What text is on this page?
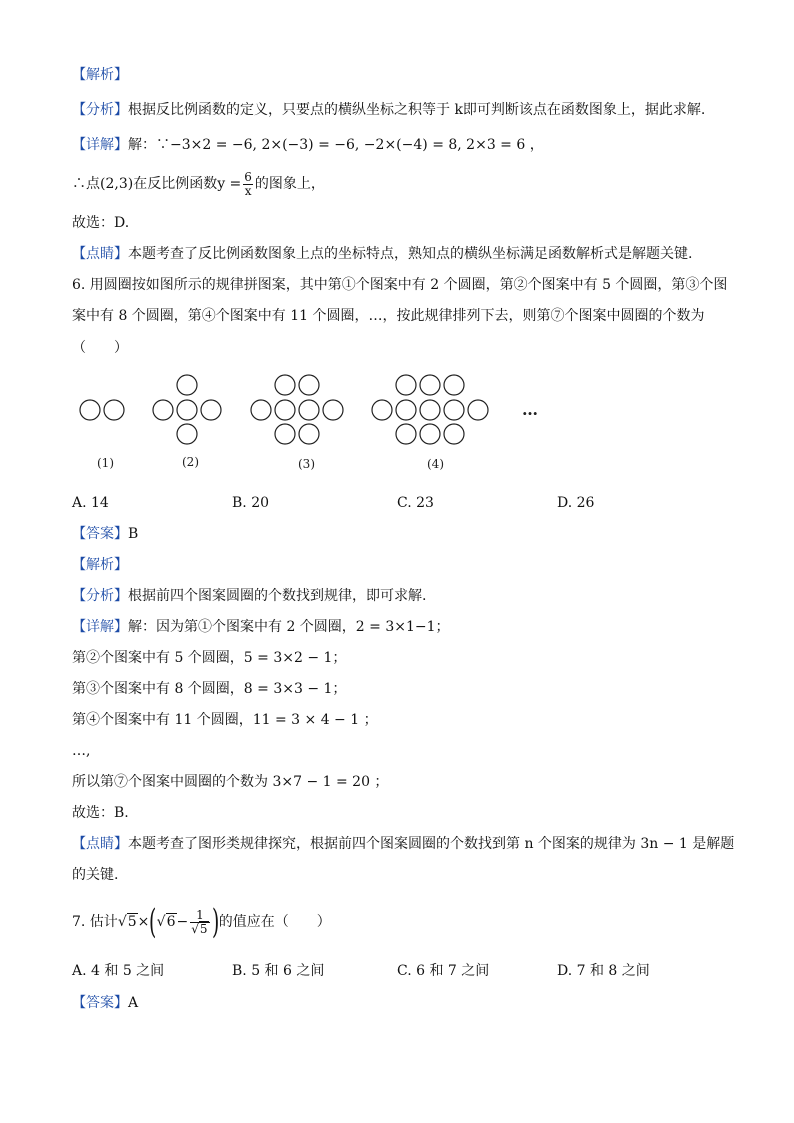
【解析】
【分析】根据反比例函数的定义，只要点的横纵坐标之积等于 k即可判断该点在函数图象上，据此求解.
【详解】解：∵−3×2 = −6, 2×(−3) = −6, −2×(−4) = 8, 2×3 = 6 ，
∴点(2,3)在反比例函数$y = \frac{6}{x}$ 的图象上，
故选：D.
【点睛】本题考查了反比例函数图象上点的坐标特点，熟知点的横纵坐标满足函数解析式是解题关键.
6. 用圆圈按如图所示的规律拼图案，其中第①个图案中有 2 个圆圈，第②个图案中有 5 个圆圈，第③个图
案中有 8 个圆圈，第④个图案中有 11 个圆圈，…，按此规律排列下去，则第⑦个图案中圆圈的个数为
（　　）
…
(1)	(2)	(3)	(4)
A. 14	B. 20	C. 23	D. 26
【答案】B
【解析】
【分析】根据前四个图案圆圈的个数找到规律，即可求解.
【详解】解：因为第①个图案中有 2 个圆圈，2 = 3×1−1；
第②个图案中有 5 个圆圈，5 = 3×2 − 1；
第③个图案中有 8 个圆圈，8 = 3×3 − 1；
第④个图案中有 11 个圆圈，11 = 3 × 4 − 1 ；
…,
所以第⑦个图案中圆圈的个数为 3×7 − 1 = 20 ；
故选：B.
【点睛】本题考查了图形类规律探究，根据前四个图案圆圈的个数找到第 n 个图案的规律为 3n − 1 是解题
的关键.
7. 估计$√5\times(√6- \frac{1}{√5}$ )的值应在（　　）
A. 4 和 5 之间	B. 5 和 6 之间	C. 6 和 7 之间	D. 7 和 8 之间
【答案】A
